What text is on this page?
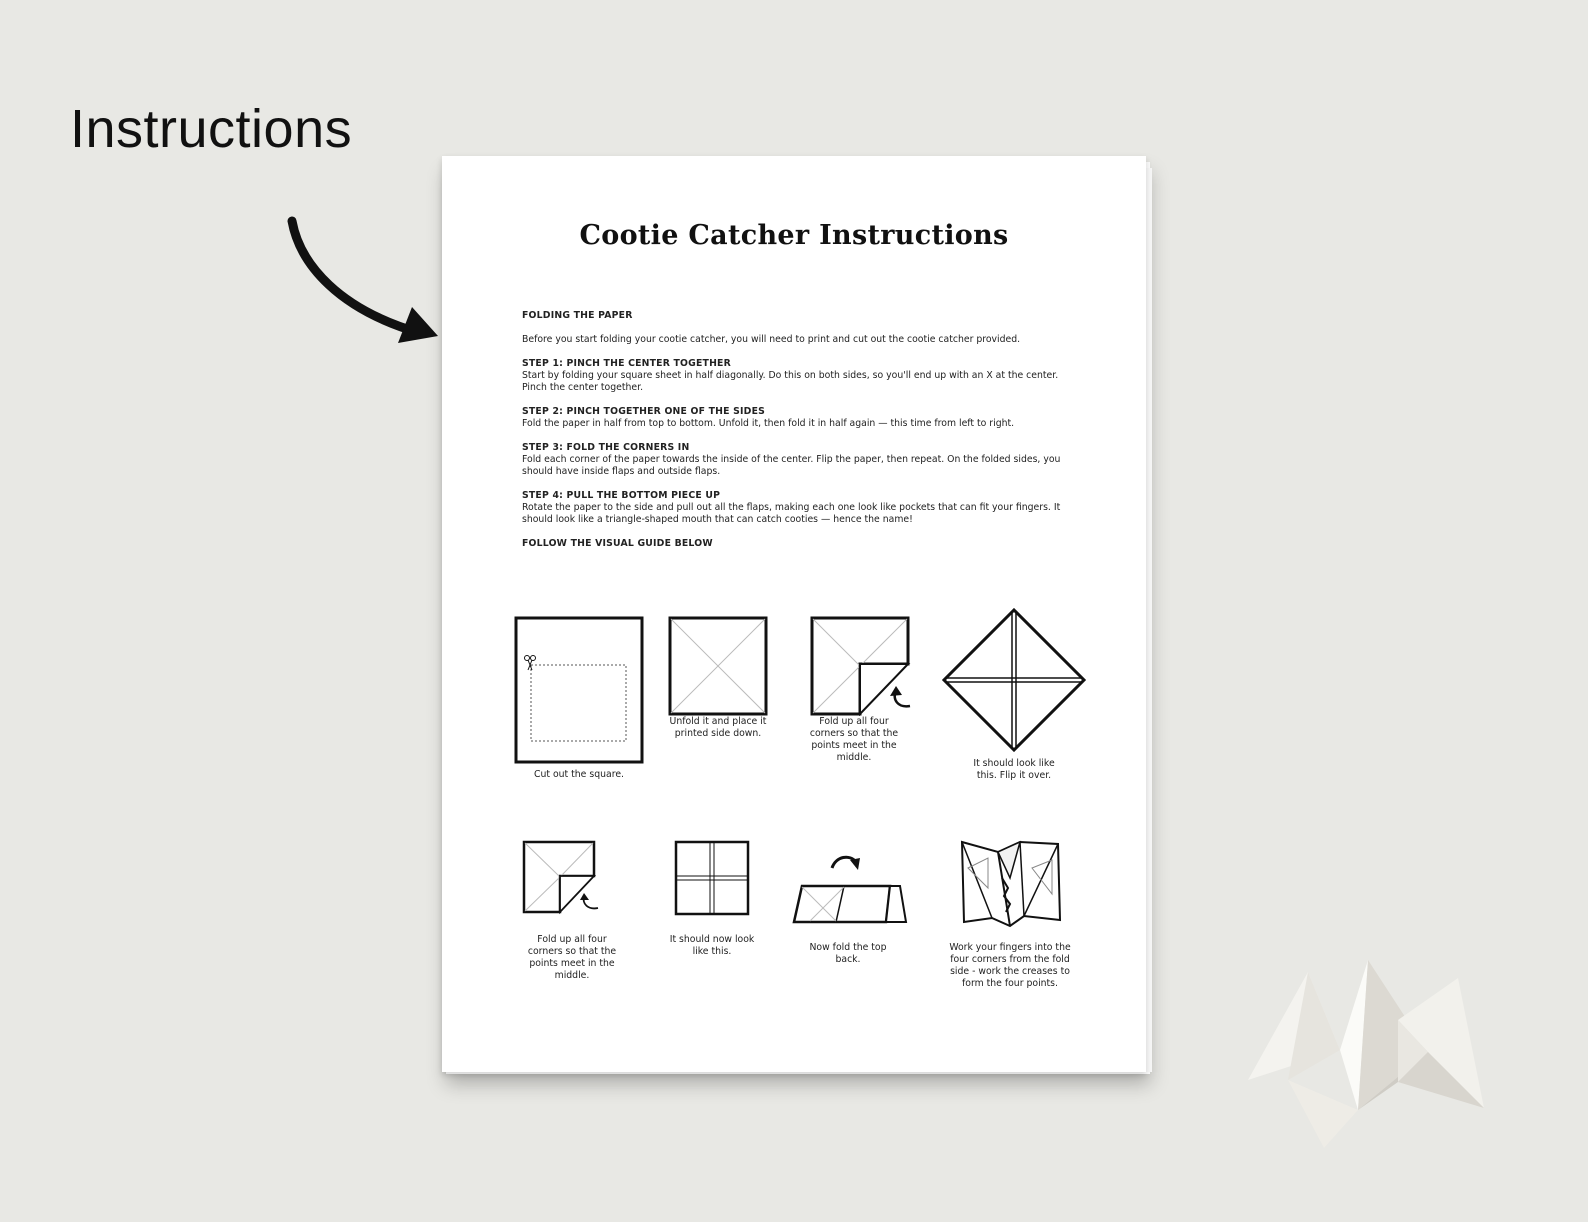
Instructions
Cootie Catcher Instructions

FOLDING THE PAPER

Before you start folding your cootie catcher, you will need to print and cut out the cootie catcher provided.

STEP 1: PINCH THE CENTER TOGETHER
Start by folding your square sheet in half diagonally. Do this on both sides, so you'll end up with an X at the center. Pinch the center together.

STEP 2: PINCH TOGETHER ONE OF THE SIDES
Fold the paper in half from top to bottom. Unfold it, then fold it in half again — this time from left to right.

STEP 3: FOLD THE CORNERS IN
Fold each corner of the paper towards the inside of the center. Flip the paper, then repeat. On the folded sides, you should have inside flaps and outside flaps.

STEP 4: PULL THE BOTTOM PIECE UP
Rotate the paper to the side and pull out all the flaps, making each one look like pockets that can fit your fingers. It should look like a triangle-shaped mouth that can catch cooties — hence the name!

FOLLOW THE VISUAL GUIDE BELOW

Cut out the square.
Unfold it and place it printed side down.
Fold up all four corners so that the points meet in the middle.
It should look like this. Flip it over.
Fold up all four corners so that the points meet in the middle.
It should now look like this.	Now fold the top back.
Work your fingers into the four corners from the fold side - work the creases to form the four points.
